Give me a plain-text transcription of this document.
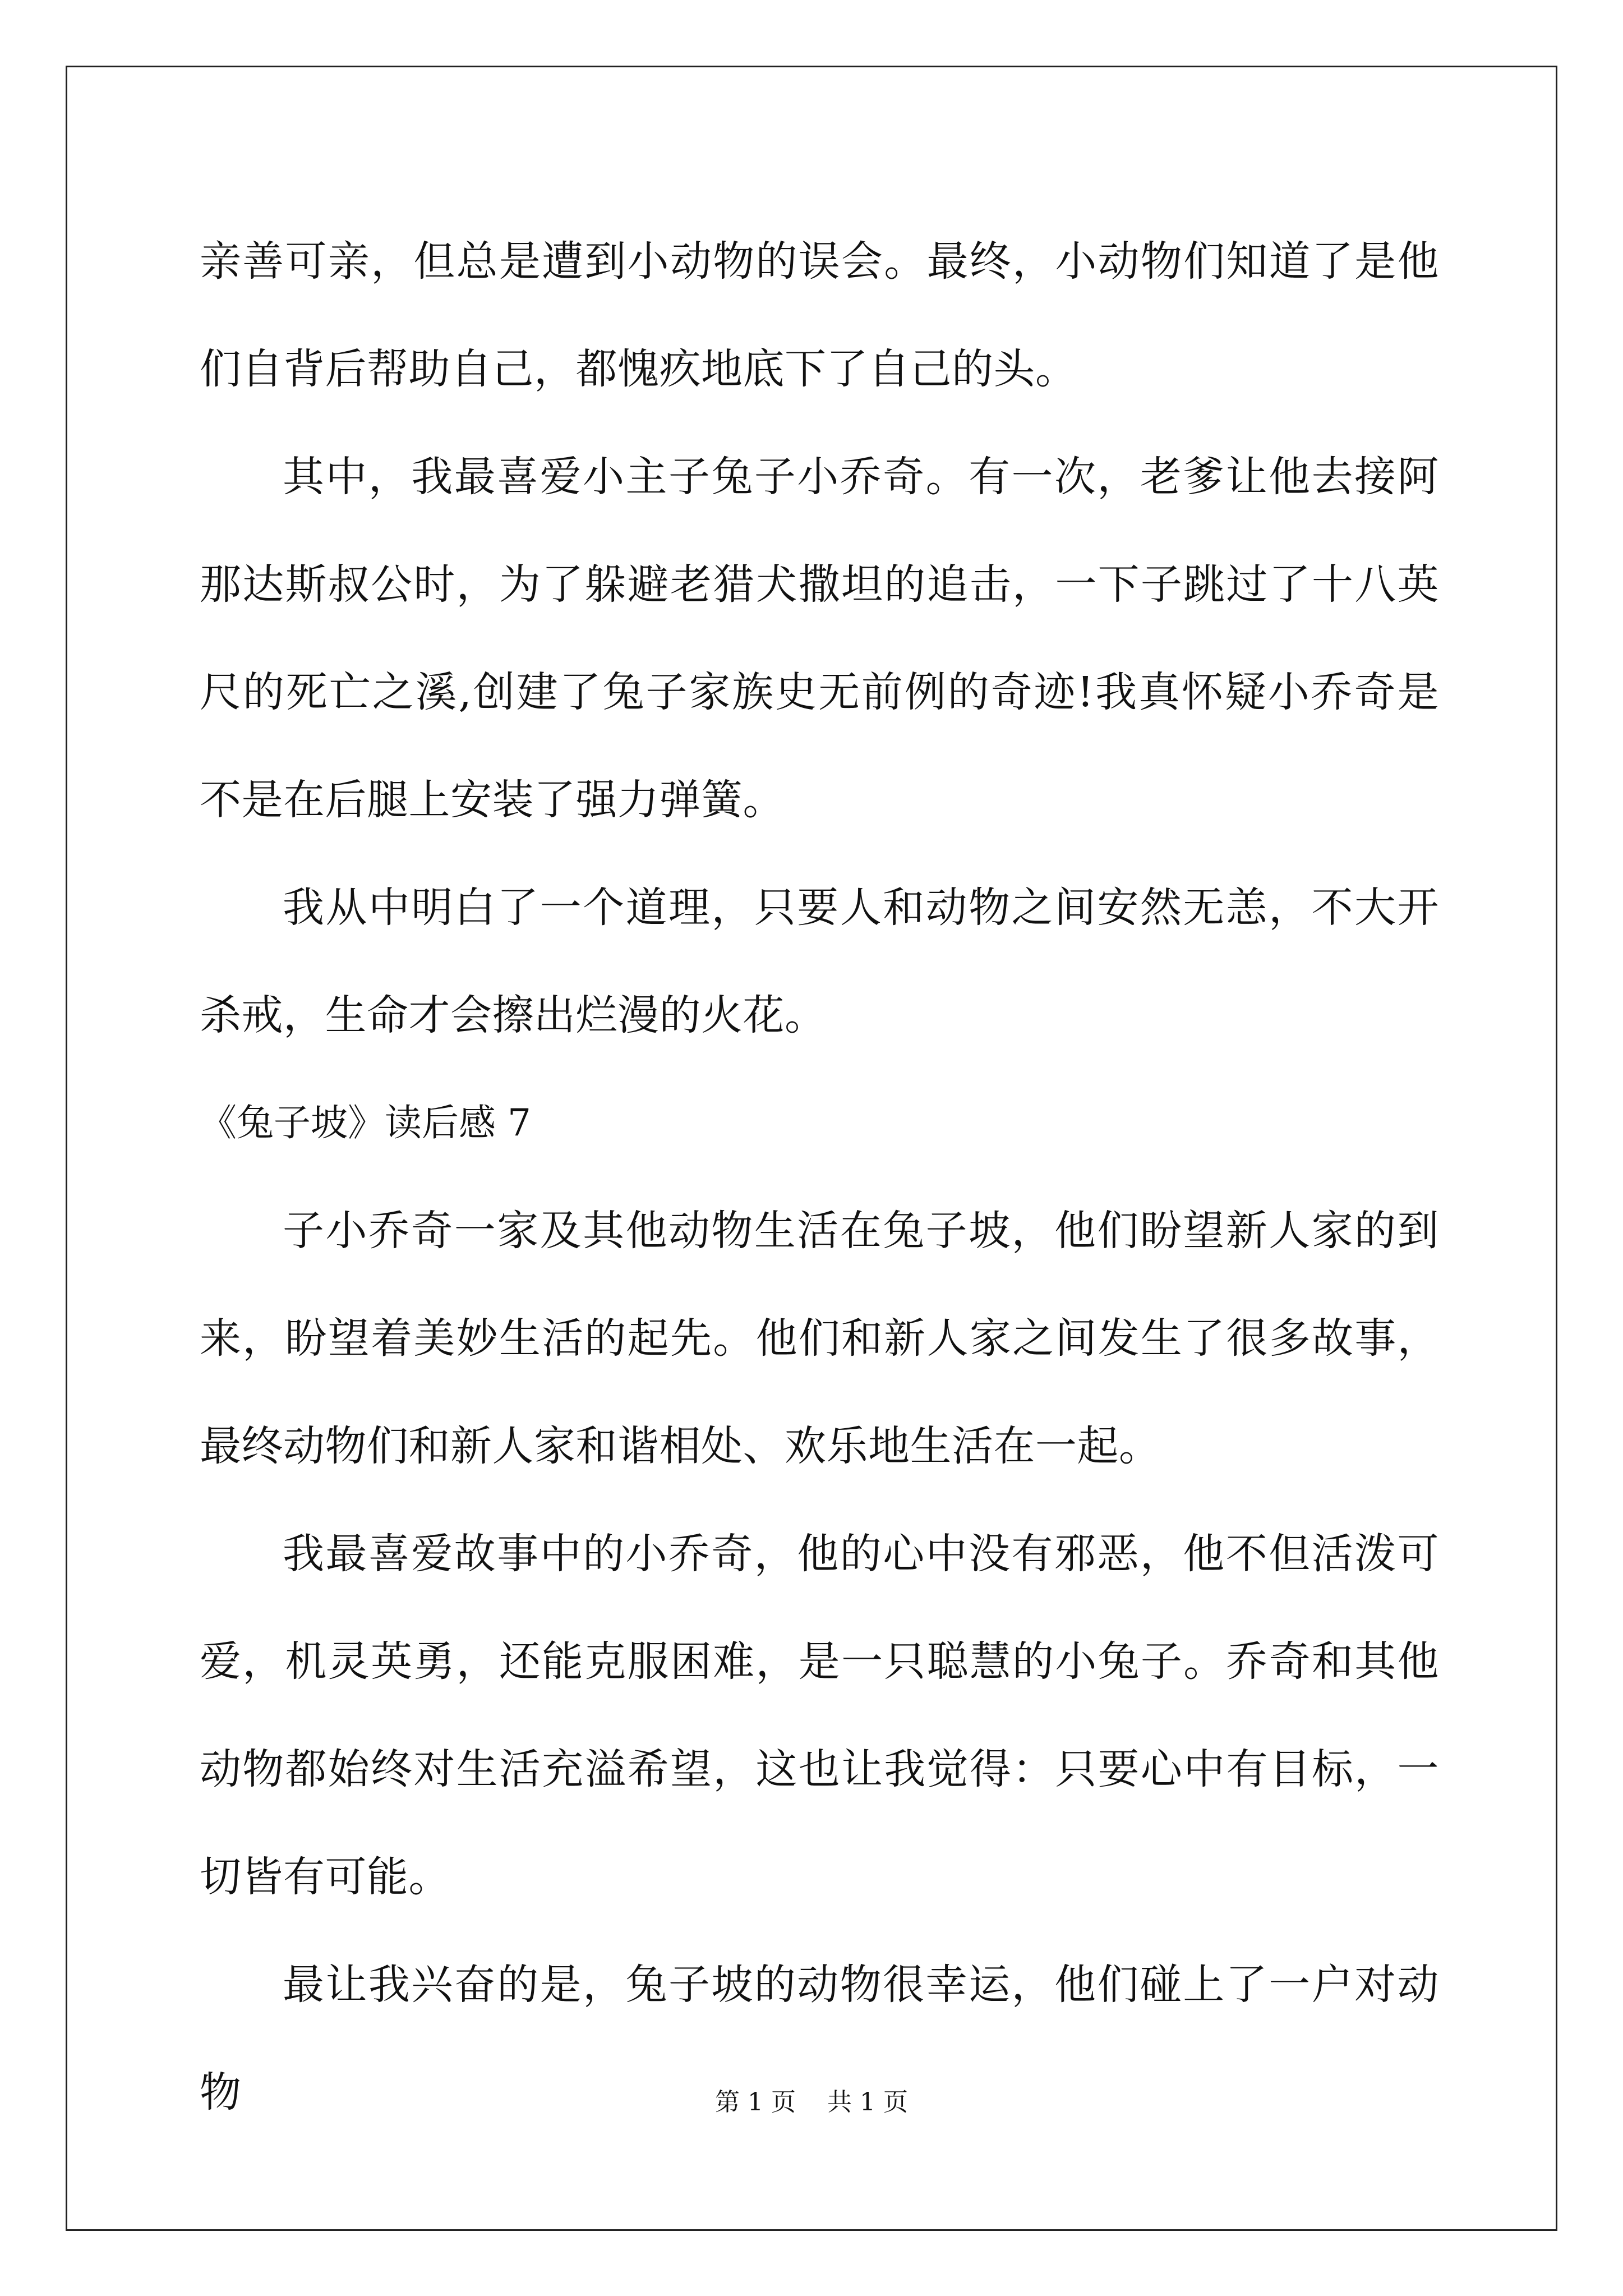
亲善可亲，但总是遭到小动物的误会。最终，小动物们知道了是他们自背后帮助自己，都愧疚地底下了自己的头。

其中，我最喜爱小主子兔子小乔奇。有一次，老爹让他去接阿那达斯叔公时，为了躲避老猎犬撒坦的追击，一下子跳过了十八英尺的死亡之溪,创建了兔子家族史无前例的奇迹!我真怀疑小乔奇是不是在后腿上安装了强力弹簧。

我从中明白了一个道理，只要人和动物之间安然无恙，不大开杀戒，生命才会擦出烂漫的火花。

《兔子坡》读后感 7

子小乔奇一家及其他动物生活在兔子坡，他们盼望新人家的到来，盼望着美妙生活的起先。他们和新人家之间发生了很多故事，最终动物们和新人家和谐相处、欢乐地生活在一起。

我最喜爱故事中的小乔奇，他的心中没有邪恶，他不但活泼可爱，机灵英勇，还能克服困难，是一只聪慧的小兔子。乔奇和其他动物都始终对生活充溢希望，这也让我觉得：只要心中有目标，一切皆有可能。

最让我兴奋的是，兔子坡的动物很幸运，他们碰上了一户对动物	第 1 页 共 1 页
